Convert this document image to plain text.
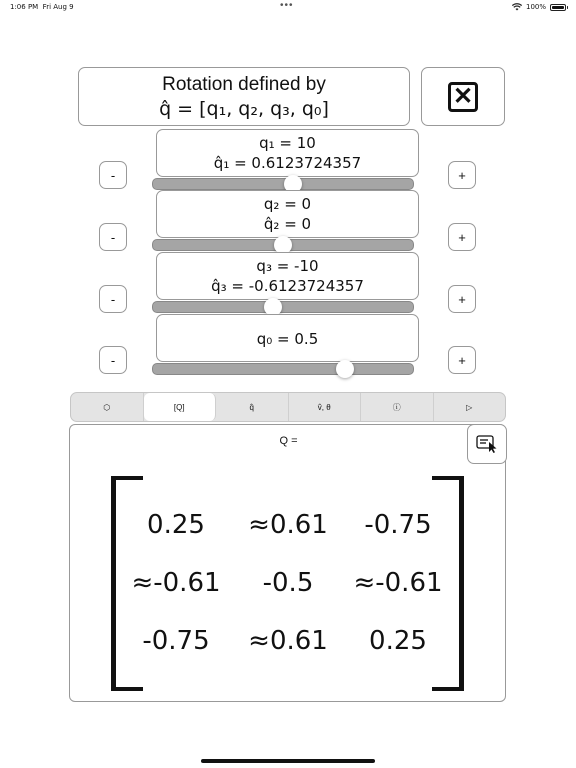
1:06 PM Fri Aug 9	•••	100%
Rotation defined by
q̂ = [q₁, q₂, q₃, q₀]	✕
q₁ = 10
q̂₁ = 0.6123724357
-	+
q₂ = 0
q̂₂ = 0
-	+
q₃ = -10
q̂₃ = -0.6123724357
-	+
q₀ = 0.5
-	+
⬡	[Q]	q̂	v̂, θ	ⓘ	▷
Q =
0.25	≈0.61	-0.75
≈-0.61	-0.5	≈-0.61
-0.75	≈0.61	0.25
